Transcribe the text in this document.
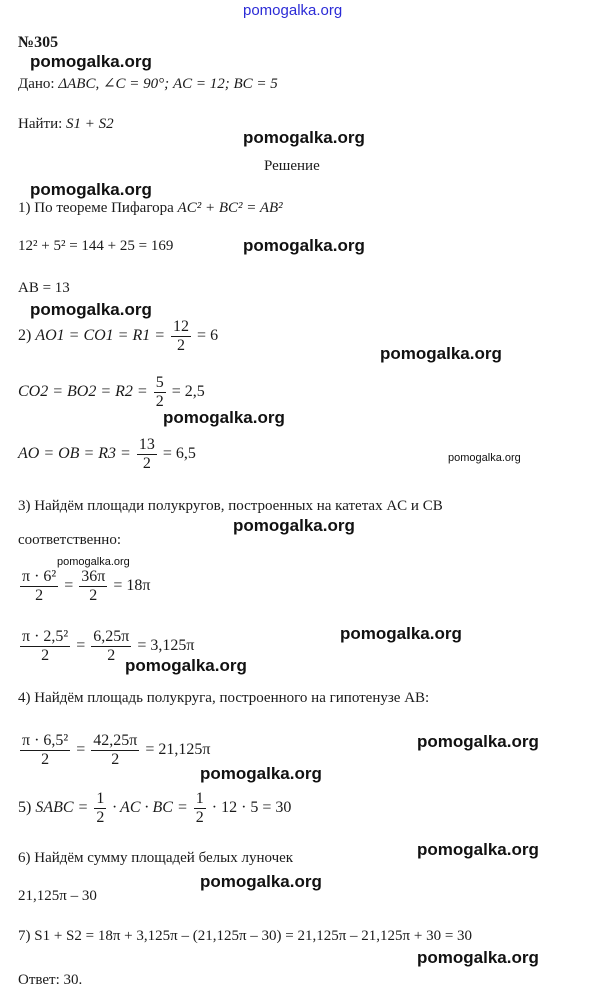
pomogalka.org
pomogalka.org
pomogalka.org
pomogalka.org
pomogalka.org
pomogalka.org
pomogalka.org
pomogalka.org
pomogalka.org
pomogalka.org
pomogalka.org
pomogalka.org
pomogalka.org
pomogalka.org
pomogalka.org
pomogalka.org
pomogalka.org
pomogalka.org
№305
Дано: ΔABC, ∠C = 90°; AC = 12; BC = 5
Найти: S1 + S2
Решение
1) По теореме Пифагора AC² + BC² = AB²
12² + 5² = 144 + 25 = 169
AB = 13
2) $AO1 = CO1 = R1 = \frac{12}{2} = 6$
$CO2 = BO2 = R2 = \frac{5}{2} = 2,5$
AO = OB = $R3 = \frac{13}{2} = 6,5$
3) Найдём площади полукругов, построенных на катетах AC и CB
соответственно:
$\frac{\text{π · 6²}}{2} = \frac{36\pi}{2} = 18\pi$
$\frac{\text{π · 2,5²}}{2} = \frac{6,25\pi}{2} = 3,125\pi$
4) Найдём площадь полукруга, построенного на гипотенузе AB:
$\frac{\text{π · 6,5²}}{2} = \frac{42,25\pi}{2} = 21,125\pi$
5) SABC = $\frac{1}{2}$ · AC · BC = $\frac{1}{2} \cdot 12 \cdot 5 = 30$
6) Найдём сумму площадей белых луночек
21,125π – 30
7) S1 + S2 = 18π + 3,125π – (21,125π – 30) = 21,125π – 21,125π + 30 = 30
Ответ: 30.
